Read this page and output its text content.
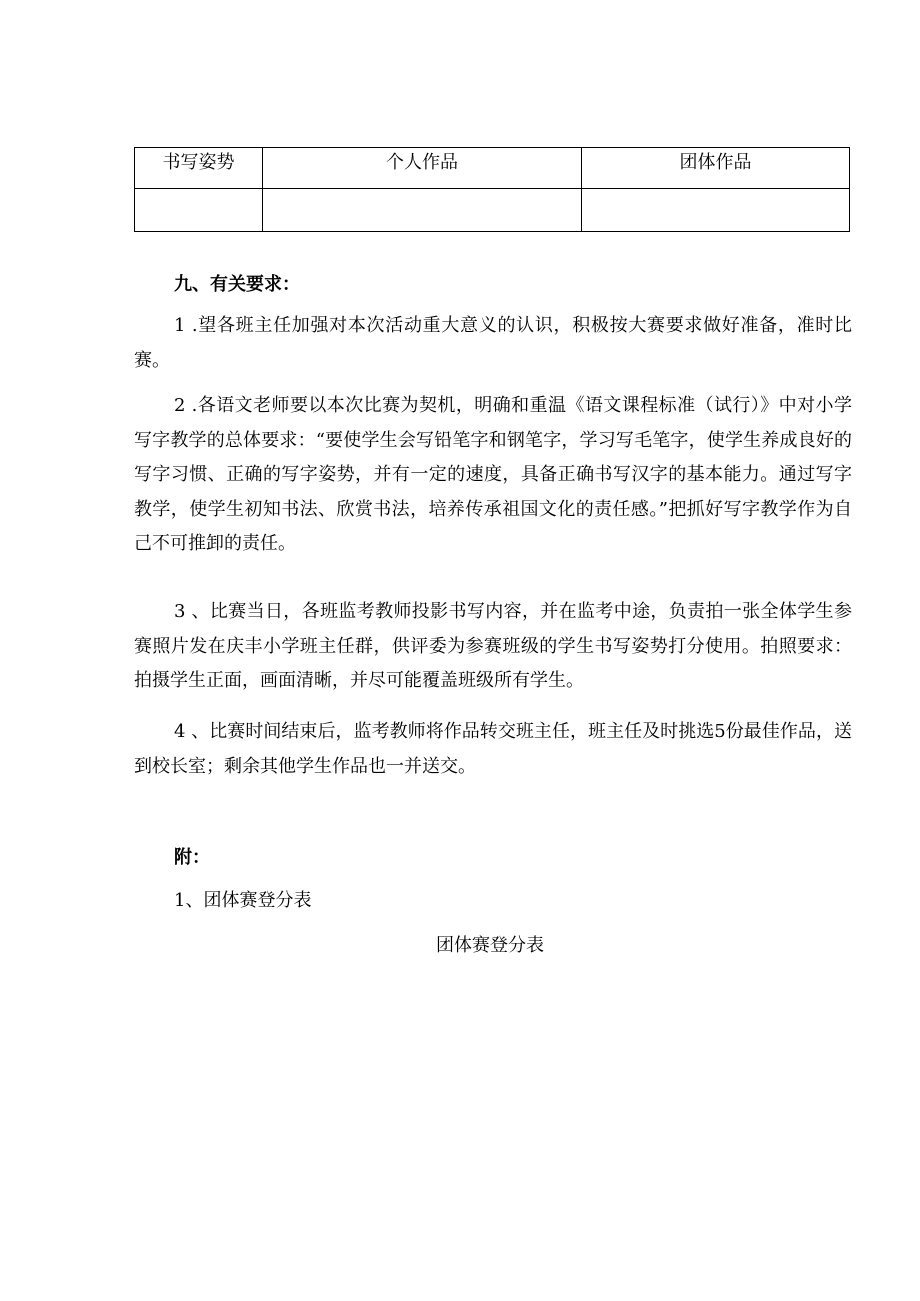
书写姿势	个人作品	团体作品

九、有关要求：

1 .望各班主任加强对本次活动重大意义的认识，积极按大赛要求做好准备，准时比赛。

2 .各语文老师要以本次比赛为契机，明确和重温《语文课程标准（试行）》中对小学写字教学的总体要求：“要使学生会写铅笔字和钢笔字，学习写毛笔字，使学生养成良好的写字习惯、正确的写字姿势，并有一定的速度，具备正确书写汉字的基本能力。通过写字教学，使学生初知书法、欣赏书法，培养传承祖国文化的责任感。”把抓好写字教学作为自己不可推卸的责任。

3 、比赛当日，各班监考教师投影书写内容，并在监考中途，负责拍一张全体学生参赛照片发在庆丰小学班主任群，供评委为参赛班级的学生书写姿势打分使用。拍照要求：拍摄学生正面，画面清晰，并尽可能覆盖班级所有学生。

4 、比赛时间结束后，监考教师将作品转交班主任，班主任及时挑选5份最佳作品，送到校长室；剩余其他学生作品也一并送交。

附：
1、团体赛登分表
团体赛登分表
